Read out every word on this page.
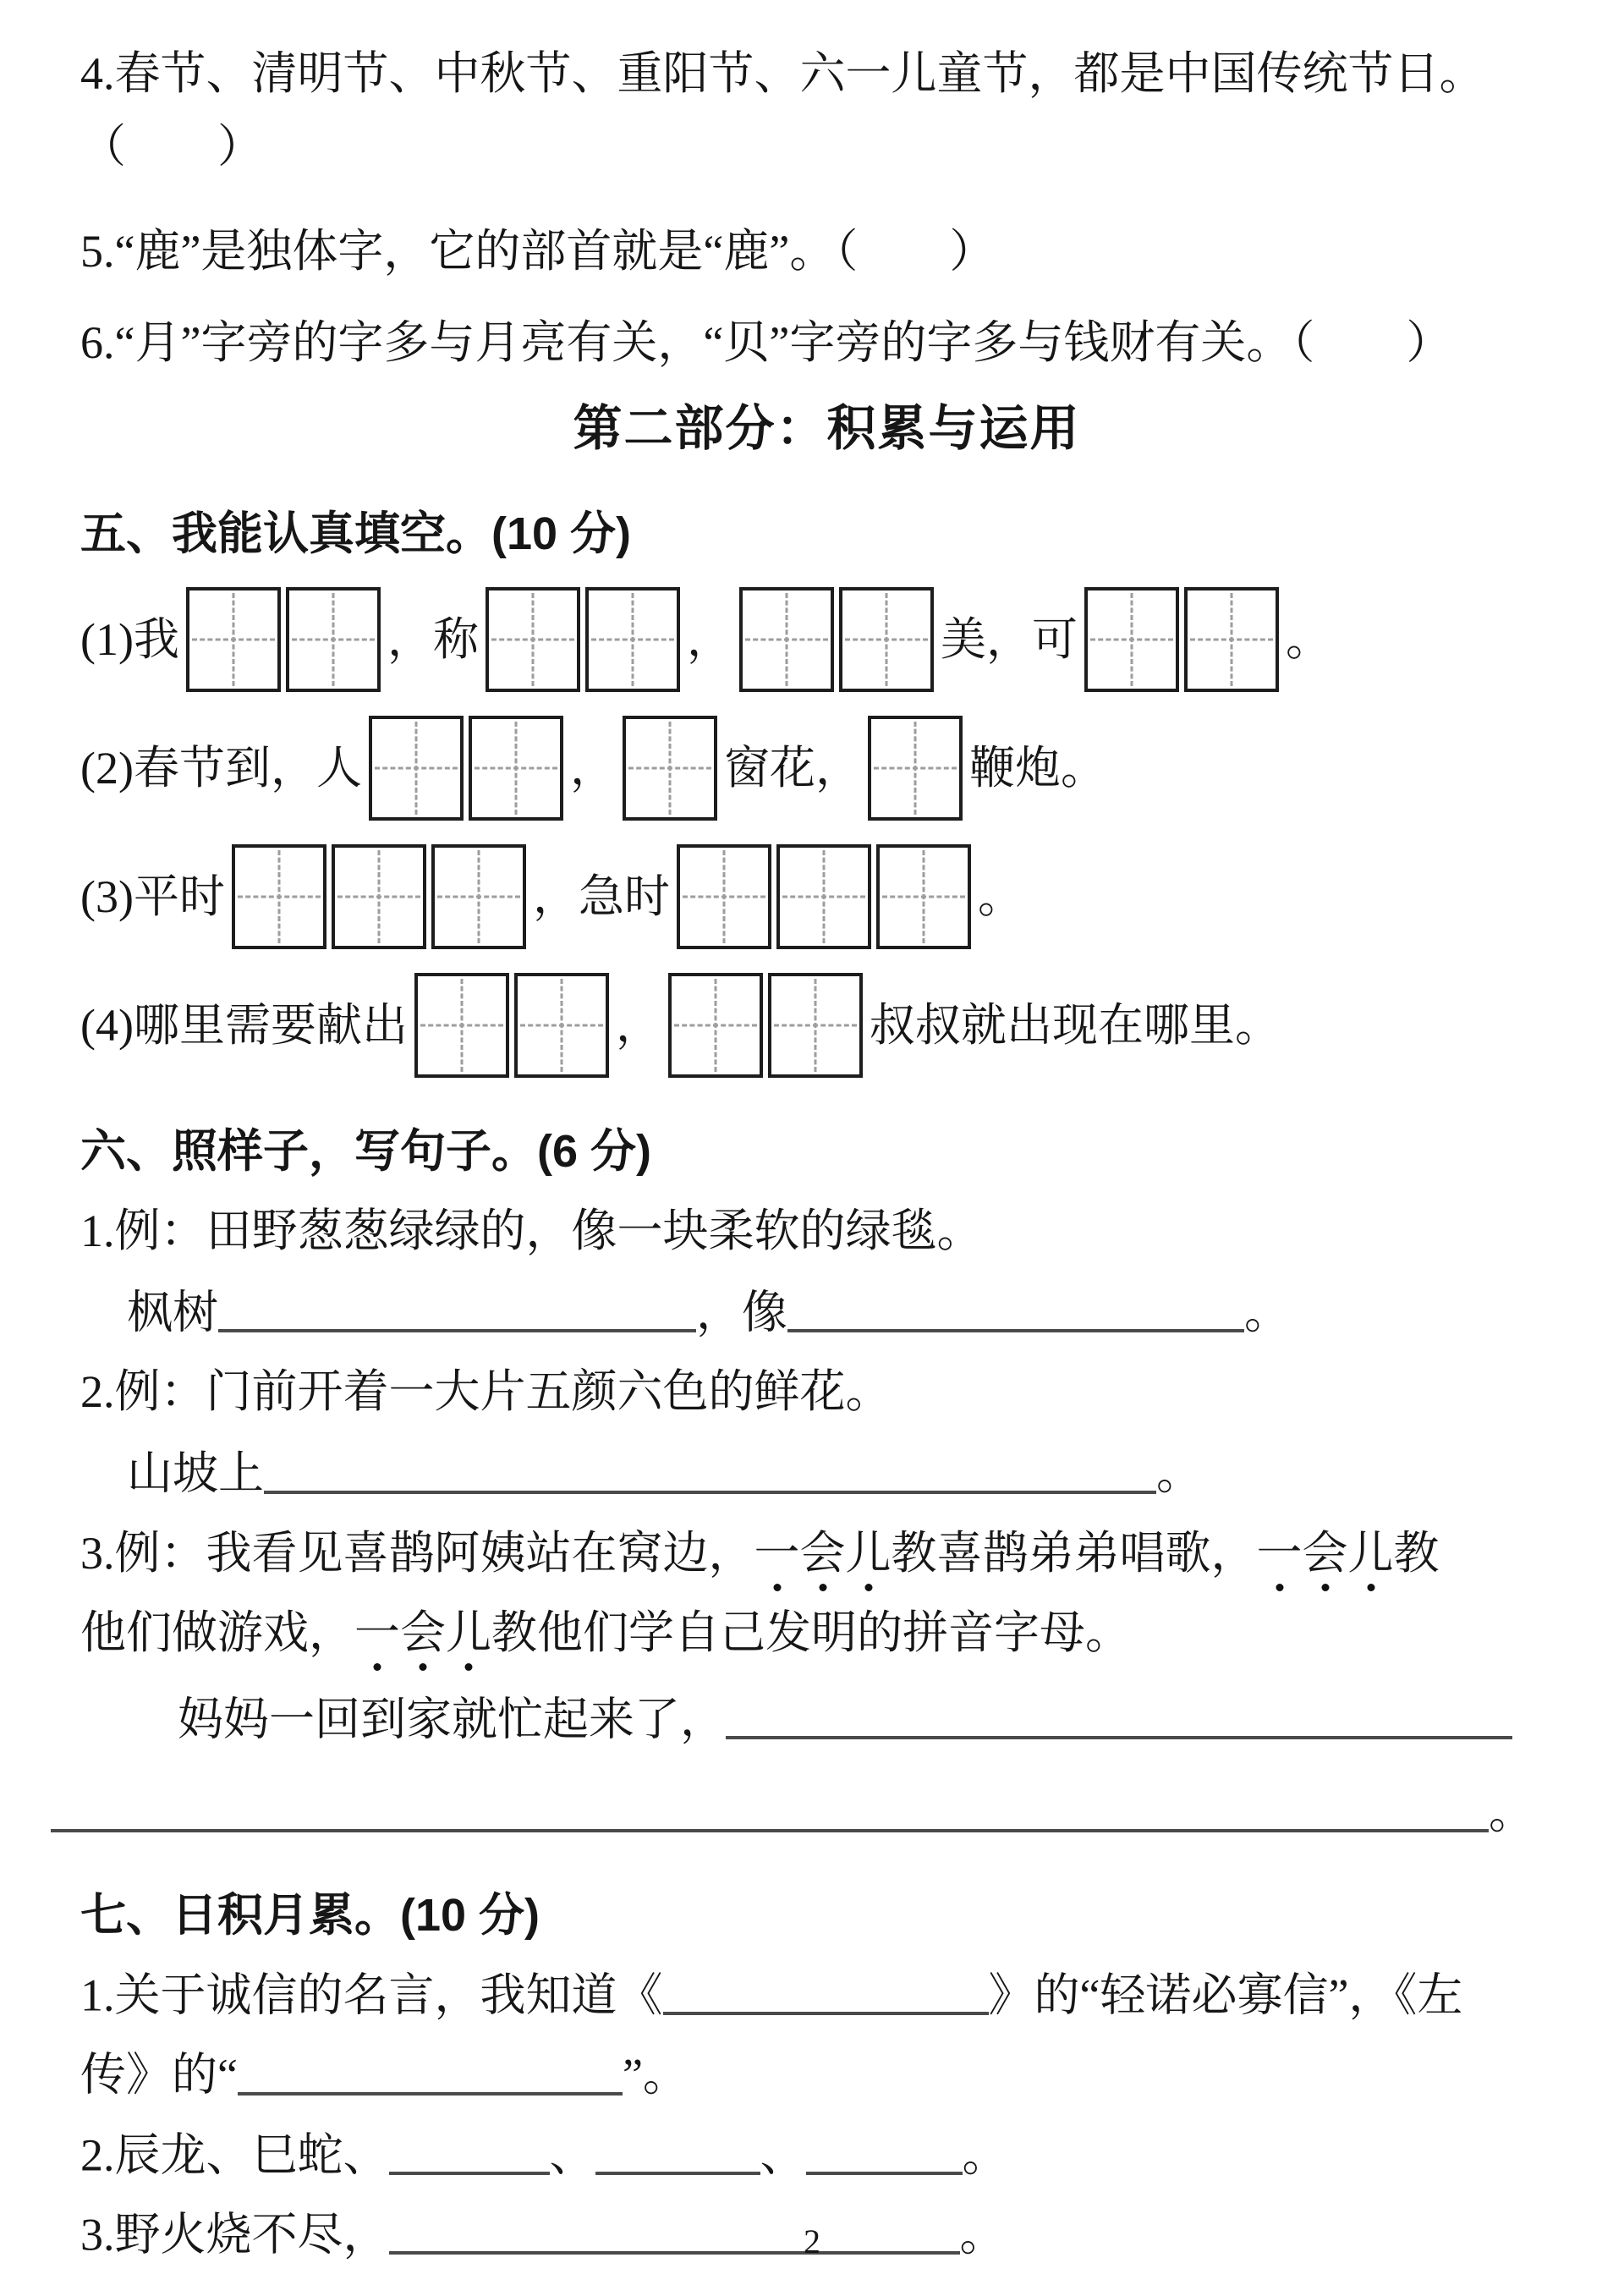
4.春节、清明节、中秋节、重阳节、六一儿童节，都是中国传统节日。
（　　）
5.“鹿”是独体字，它的部首就是“鹿”。（　　）
6.“月”字旁的字多与月亮有关，“贝”字旁的字多与钱财有关。（　　）
第二部分：积累与运用
五、我能认真填空。(10 分)
(1)我	， 称	，	美，可	。
(2)春节到，人	， 窗花， 鞭炮。
(3)平时	，急时	。
(4)哪里需要献出	，	叔叔就出现在哪里。
六、照样子，写句子。(6 分)
1.例：田野葱葱绿绿的，像一块柔软的绿毯。
枫树	，像	。
2.例：门前开着一大片五颜六色的鲜花。
山坡上	。
3.例：我看见喜鹊阿姨站在窝边，一会儿教喜鹊弟弟唱歌，一会儿教
他们做游戏，一会儿教他们学自己发明的拼音字母。
妈妈一回到家就忙起来了，
。
七、日积月累。(10 分)
1.关于诚信的名言，我知道《	》的“轻诺必寡信”，《左
传》的“	”。
2.辰龙、巳蛇、	、	、	。
3.野火烧不尽，	。
2
